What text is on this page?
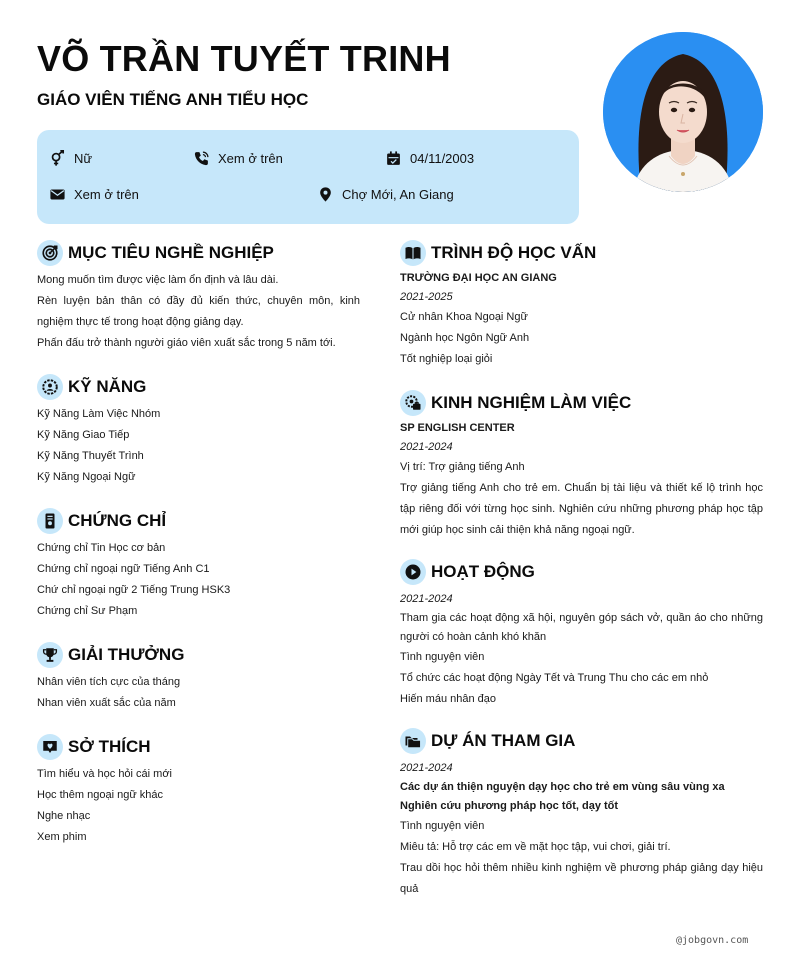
VÕ TRẦN TUYẾT TRINH
GIÁO VIÊN TIẾNG ANH TIỂU HỌC
Nữ	Xem ở trên	04/11/2003
Xem ở trên	Chợ Mới, An Giang
MỤC TIÊU NGHỀ NGHIỆP
Mong muốn tìm được việc làm ổn định và lâu dài.
Rèn luyện bản thân có đầy đủ kiến thức, chuyên môn, kinh nghiệm thực tế trong hoạt động giảng dạy.
Phấn đấu trở thành người giáo viên xuất sắc trong 5 năm tới.
KỸ NĂNG
Kỹ Năng Làm Việc Nhóm
Kỹ Năng Giao Tiếp
Kỹ Năng Thuyết Trình
Kỹ Năng Ngoại Ngữ
CHỨNG CHỈ
Chứng chỉ Tin Học cơ bản
Chứng chỉ ngoại ngữ Tiếng Anh C1
Chứ chỉ ngoại ngữ 2 Tiếng Trung HSK3
Chứng chỉ Sư Phạm
GIẢI THƯỞNG
Nhân viên tích cực của tháng
Nhan viên xuất sắc của năm
SỞ THÍCH
Tìm hiểu và học hỏi cái mới
Học thêm ngoại ngữ khác
Nghe nhạc
Xem phim
TRÌNH ĐỘ HỌC VẤN
TRƯỜNG ĐẠI HỌC AN GIANG
2021-2025
Cử nhân Khoa Ngoại Ngữ
Ngành học Ngôn Ngữ Anh
Tốt nghiệp loại giỏi
KINH NGHIỆM LÀM VIỆC
SP ENGLISH CENTER
2021-2024
Vị trí: Trợ giảng tiếng Anh
Trợ giảng tiếng Anh cho trẻ em. Chuẩn bị tài liệu và thiết kế lộ trình học tập riêng đối với từng học sinh. Nghiên cứu những phương pháp học tập mới giúp học sinh cải thiện khả năng ngoại ngữ.
HOẠT ĐỘNG
2021-2024
Tham gia các hoạt động xã hội, nguyên góp sách vở, quần áo cho những người có hoàn cảnh khó khăn
Tình nguyện viên
Tổ chức các hoạt động Ngày Tết và Trung Thu cho các em nhỏ
Hiến máu nhân đạo
DỰ ÁN THAM GIA
2021-2024
Các dự án thiện nguyện dạy học cho trẻ em vùng sâu vùng xa
Nghiên cứu phương pháp học tốt, dạy tốt
Tình nguyện viên
Miêu tả: Hỗ trợ các em về mặt học tập, vui chơi, giải trí.
Trau dồi học hỏi thêm nhiều kinh nghiệm về phương pháp giảng dạy hiệu quả
@jobgovn.com
